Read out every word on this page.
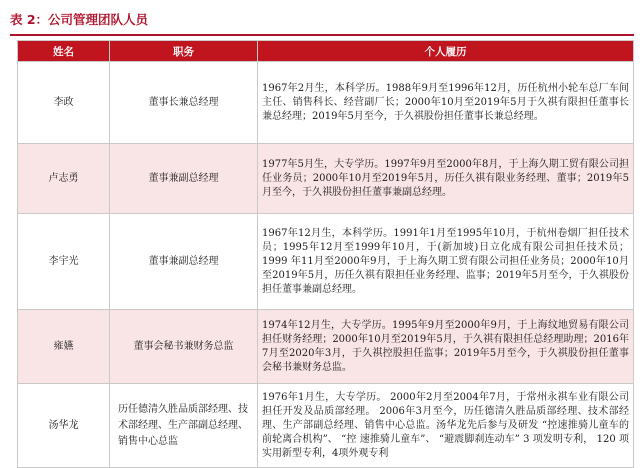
表 2：公司管理团队人员
姓名	职务	个人履历
李政	董事长兼总经理	1967年2月生，本科学历。1988年9月至1996年12月，历任杭州小轮车总厂车间主任、销售科长、经营副厂长；2000年10月至2019年5月于久祺有限担任董事长兼总经理；2019年5月至今，于久祺股份担任董事长兼总经理。
卢志勇	董事兼副总经理	1977年5月生，大专学历。1997年9月至2000年8月，于上海久期工贸有限公司担任业务员；2000年10月至2019年5月，历任久祺有限业务经理、董事；2019年5月至今，于久祺股份担任董事兼副总经理。
李宇光	董事兼副总经理	1967年12月生，本科学历。1991年1月至1995年10月，于杭州卷烟厂担任技术员；1995年12月至1999年10月，于(新加坡)日立化成有限公司担任技术员；1999 年11月至2000年9月，于上海久期工贸有限公司担任业务员；2000年10月至2019年5月，历任久祺有限担任业务经理、监事；2019年5月至今，于久祺股份担任董事兼副总经理。
雍嬿	董事会秘书兼财务总监	1974年12月生，大专学历。1995年9月至2000年9月，于上海纹地贸易有限公司担任财务经理；2000年10月至2019年5月，于久祺有限担任总经理助理；2016年7月至2020年3月，于久祺控股担任监事；2019年5月至今，于久祺股份担任董事会秘书兼财务总监。
汤华龙	历任德清久胜品质部经理、技术部经理、生产部副总经理、销售中心总监	1976年1月生，大专学历。 2000年2月至2004年7月，于常州永祺车业有限公司担任开发及品质部经理。 2006年3月至今，历任德清久胜品质部经理、技术部经理、生产部副总经理、销售中心总监。汤华龙先后参与及研发 “控速推骑儿童车的前轮离合机构”、 “控 速推骑儿童车”、 “避震脚刹连动车” 3 项发明专利， 120 项实用新型专利，4项外观专利
